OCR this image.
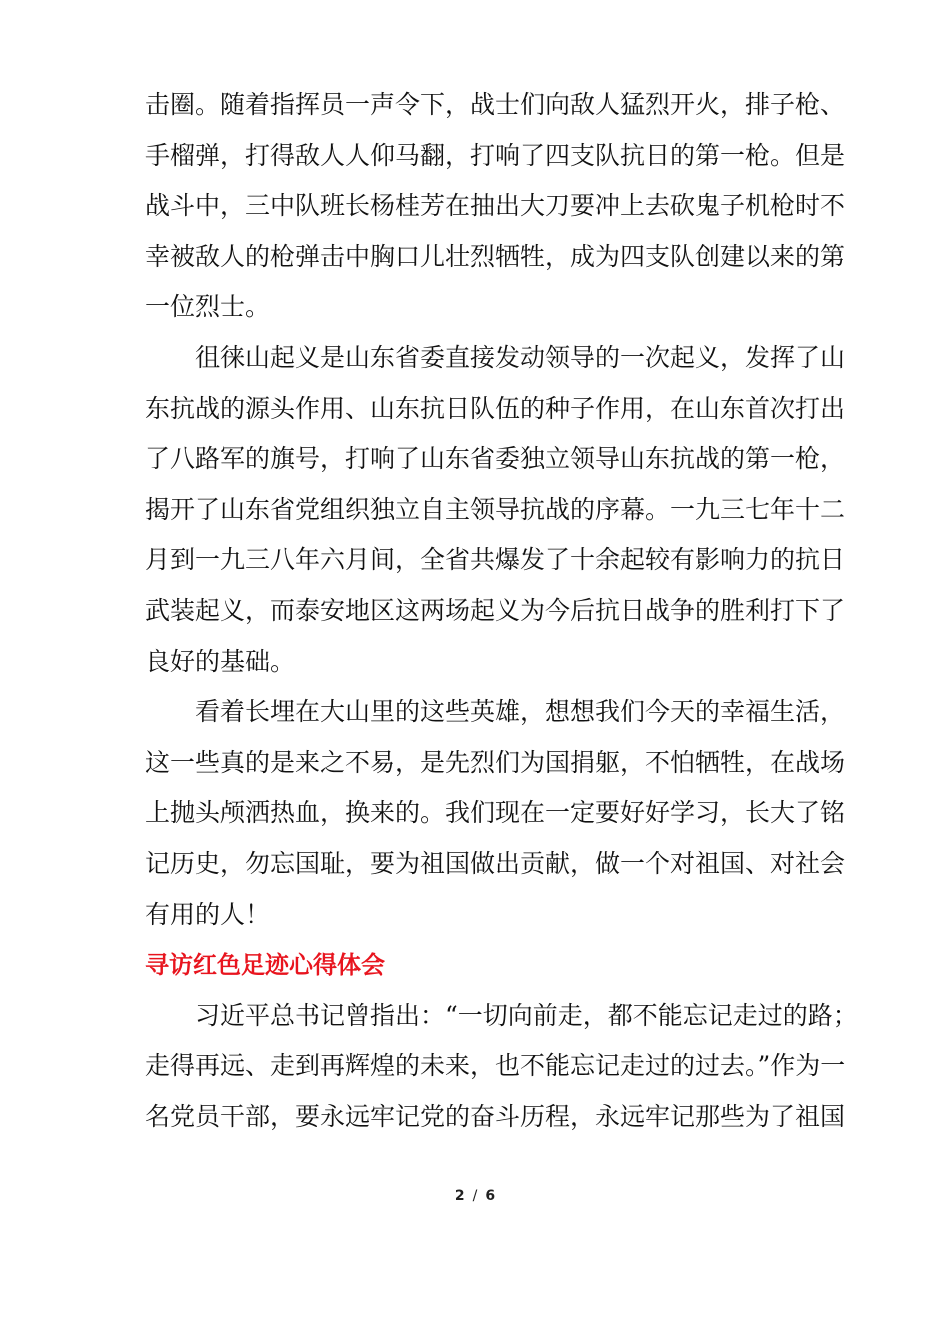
击圈。随着指挥员一声令下，战士们向敌人猛烈开火，排子枪、
手榴弹，打得敌人人仰马翻，打响了四支队抗日的第一枪。但是
战斗中，三中队班长杨桂芳在抽出大刀要冲上去砍鬼子机枪时不
幸被敌人的枪弹击中胸口儿壮烈牺牲，成为四支队创建以来的第
一位烈士。
徂徕山起义是山东省委直接发动领导的一次起义，发挥了山
东抗战的源头作用、山东抗日队伍的种子作用，在山东首次打出
了八路军的旗号，打响了山东省委独立领导山东抗战的第一枪，
揭开了山东省党组织独立自主领导抗战的序幕。一九三七年十二
月到一九三八年六月间，全省共爆发了十余起较有影响力的抗日
武装起义，而泰安地区这两场起义为今后抗日战争的胜利打下了
良好的基础。
看着长埋在大山里的这些英雄，想想我们今天的幸福生活，
这一些真的是来之不易，是先烈们为国捐躯，不怕牺牲，在战场
上抛头颅洒热血，换来的。我们现在一定要好好学习，长大了铭
记历史，勿忘国耻，要为祖国做出贡献，做一个对祖国、对社会
有用的人！
寻访红色足迹心得体会
习近平总书记曾指出：“一切向前走，都不能忘记走过的路；
走得再远、走到再辉煌的未来，也不能忘记走过的过去。”作为一
名党员干部，要永远牢记党的奋斗历程，永远牢记那些为了祖国
2 / 6
